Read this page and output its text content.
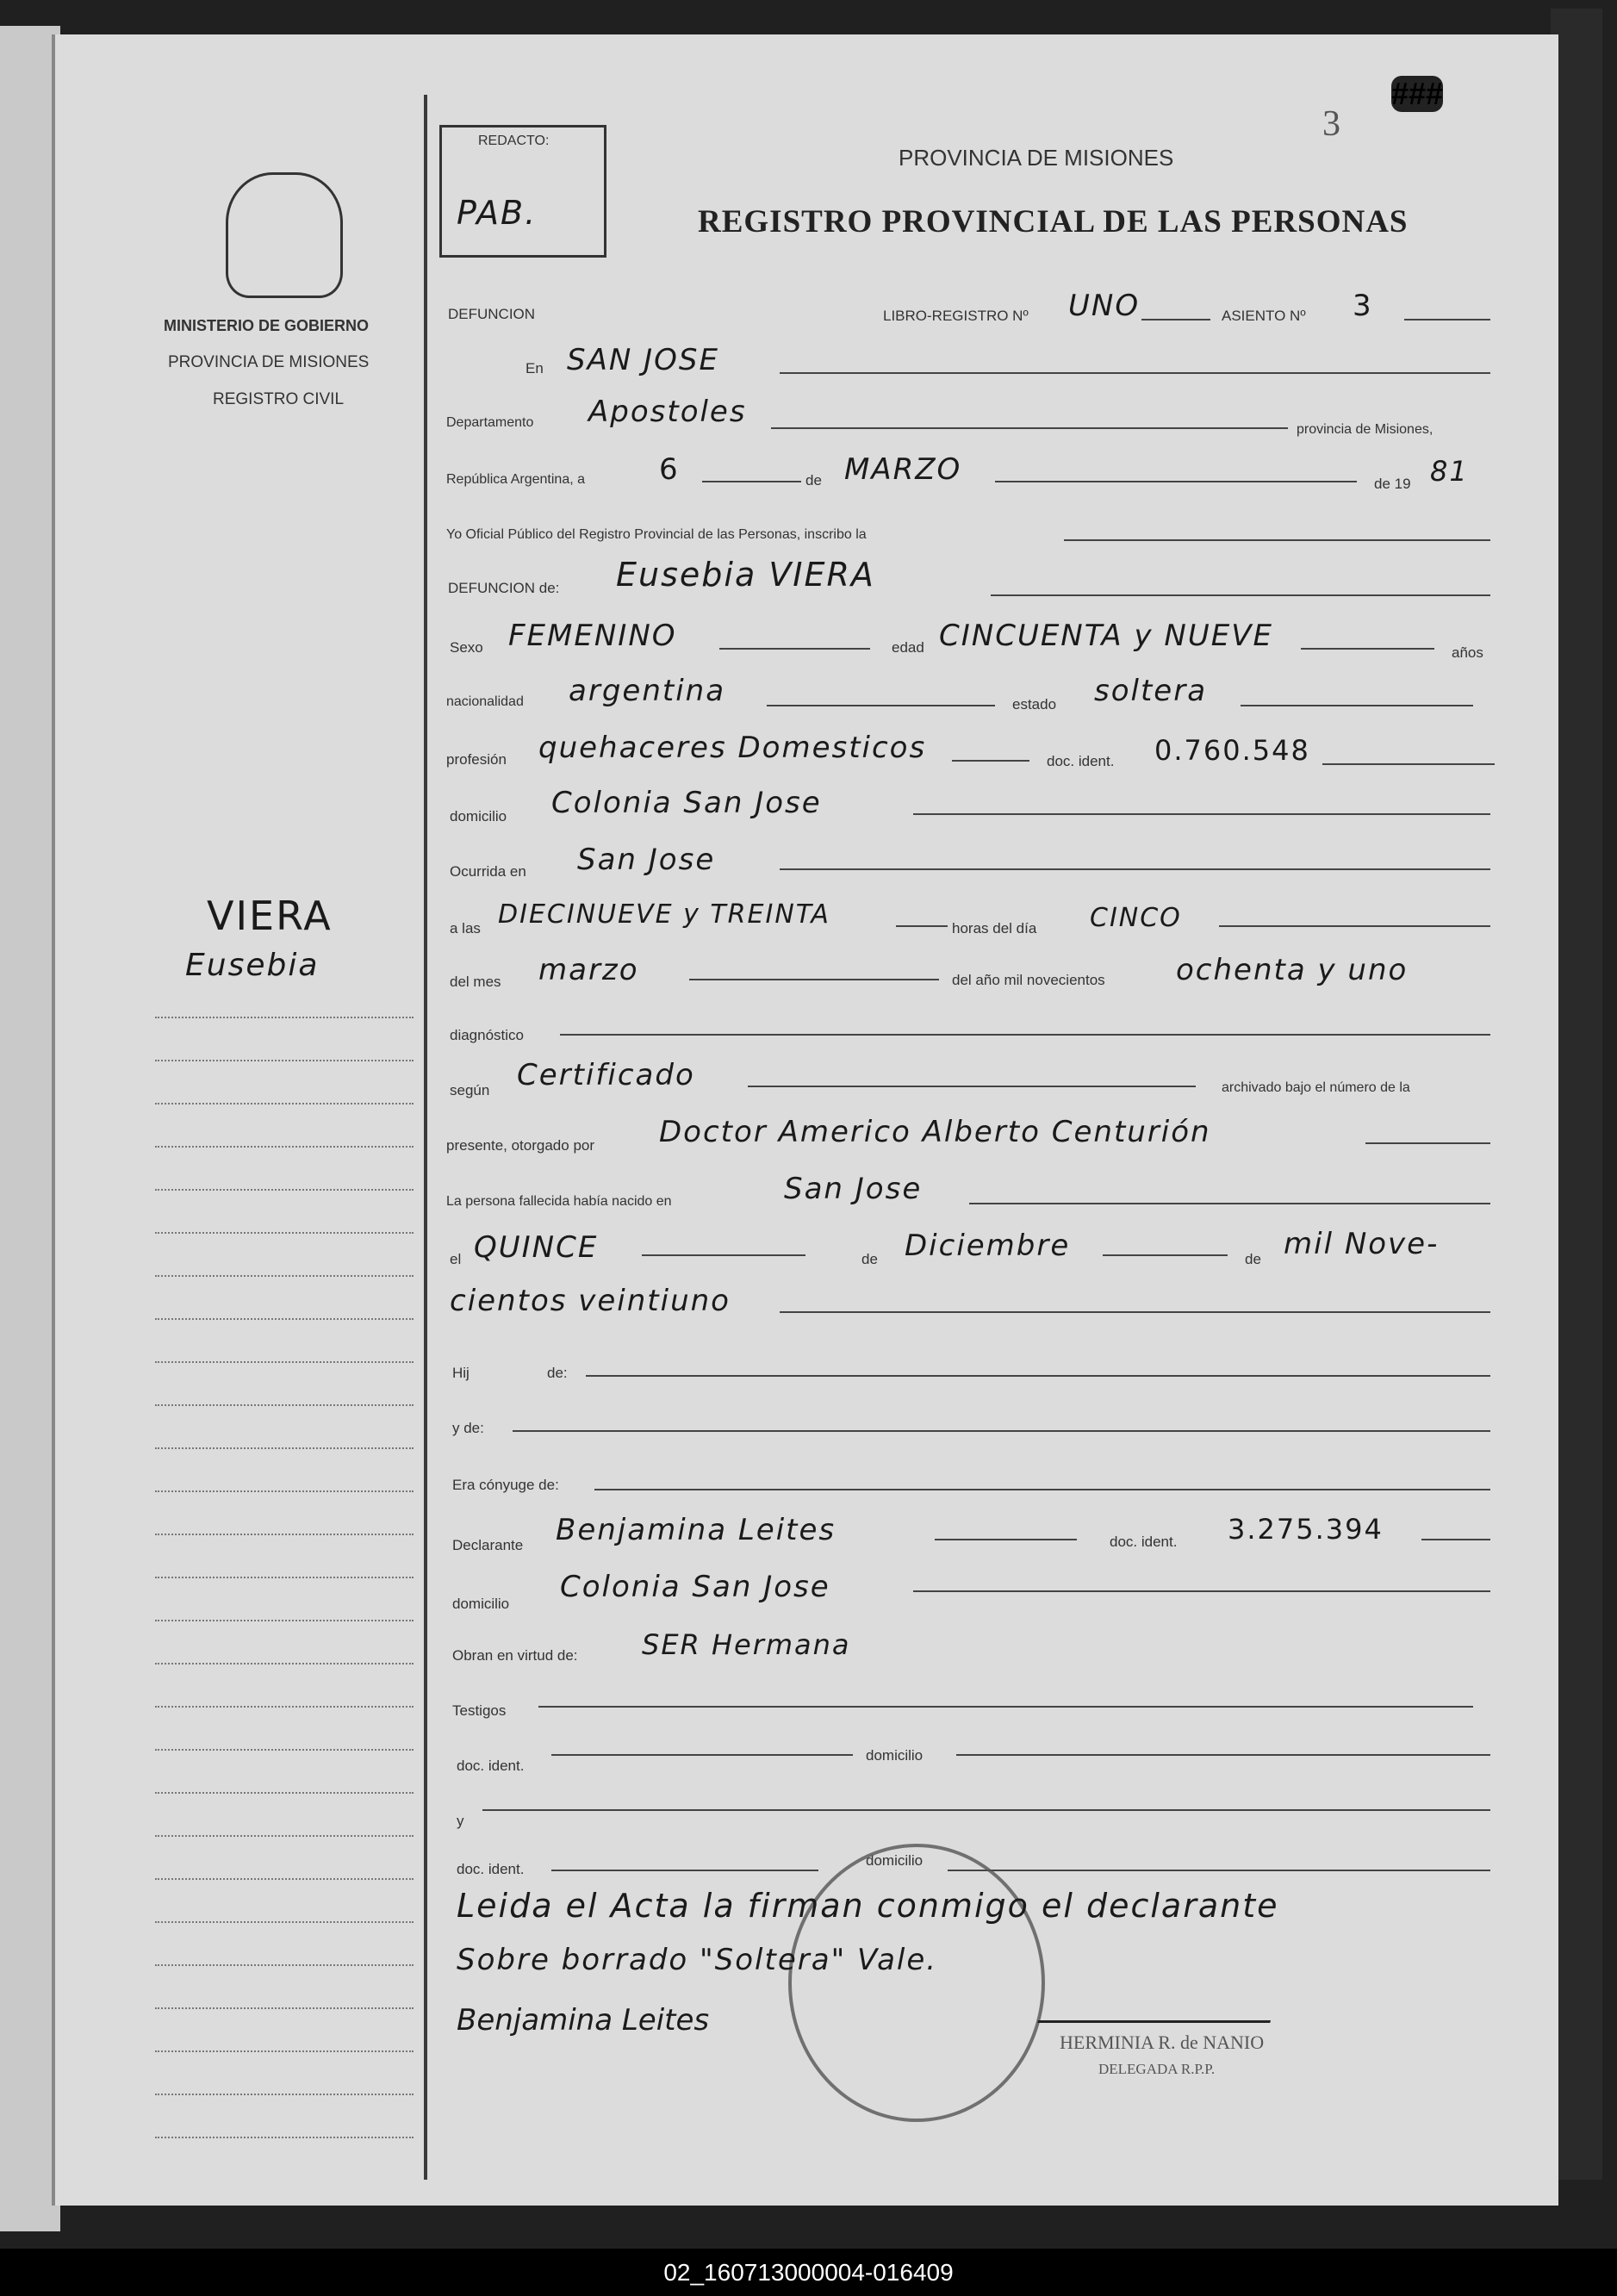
MINISTERIO DE GOBIERNO
PROVINCIA DE MISIONES
REGISTRO CIVIL
VIERA
Eusebia
REDACTO:
PAB.
PROVINCIA DE MISIONES
REGISTRO PROVINCIAL DE LAS PERSONAS
3
###
DEFUNCION	LIBRO-REGISTRO Nº UNO	ASIENTO Nº 3
En SAN JOSE
Departamento Apostoles
provincia de Misiones,
República Argentina, a	6	de MARZO	de 19 81
Yo Oficial Público del Registro Provincial de las Personas, inscribo la
DEFUNCION de: Eusebia VIERA
Sexo FEMENINO	edad CINCUENTA y NUEVE	años
nacionalidad argentina	estado soltera
profesión quehaceres Domesticos	doc. ident. 0.760.548
domicilio Colonia San Jose
Ocurrida en San Jose
a las DIECINUEVE y TREINTA	horas del día CINCO
del mes marzo	del año mil novecientos ochenta y uno
diagnóstico
según Certificado	archivado bajo el número de la
presente, otorgado por Doctor Americo Alberto Centurión
La persona fallecida había nacido en	San Jose
el QUINCE	de Diciembre	de mil Nove-
cientos veintiuno
Hij	de:
y de:
Era cónyuge de:
Declarante Benjamina Leites	doc. ident. 3.275.394
domicilio Colonia San Jose
Obran en virtud de: SER Hermana
Testigos
doc. ident.
domicilio
y
doc. ident.
domicilio
Leida el Acta la firman conmigo el declarante
Sobre borrado "Soltera" Vale.
Benjamina Leites
HERMINIA R. de NANIO
DELEGADA R.P.P.
02_160713000004-016409
